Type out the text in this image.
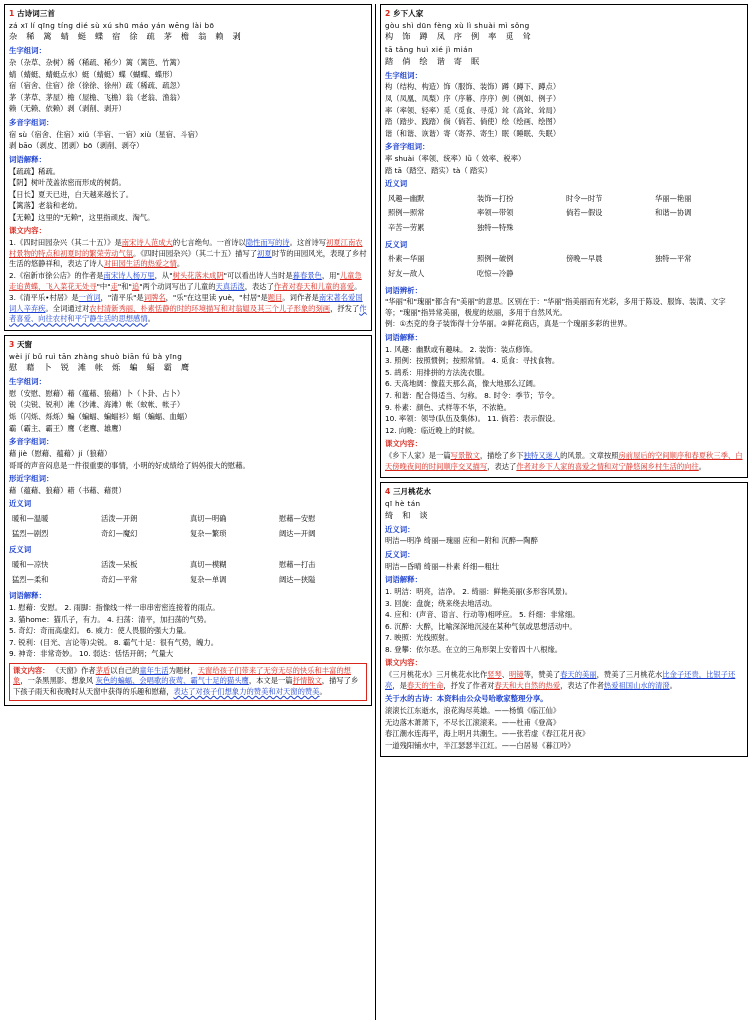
1 古诗词三首
zá xī lí qīng tíng dié sù xú shū máo yán wēng lài bō
杂 稀 篱 蜻 蜓 蝶 宿 徐 疏 茅 檐 翁 赖 剥
生字组词：
杂（杂草、杂树）稀（稀疏、稀少）篱（篱笆、竹篱）
蜻（蜻蜓、蜻蜓点水）蜓（蜻蜓）蝶（蝴蝶、蝶形）
宿（宿舍、住宿）徐（徐徐、徐州）疏（稀疏、疏忽）
茅（茅草、茅屋）檐（屋檐、飞檐）翁（老翁、渔翁）
赖（无赖、依赖）剥（剥削、剥开）
多音字组词：
宿 sù（宿舍、住宿）xiǔ（半宿、一宿）xiù（星宿、斗宿）
剥 bāo（剥皮、团剥）bō（剥削、剥夺）
词语解释：
【疏疏】稀疏。
【阴】树叶茂盖浓密而形成的树荫。
【日长】夏天已进，白天越来越长了。
【篱落】老翁和老幼。
【无赖】这里的"无赖"，这里指顽皮、淘气。
课文内容：
1.《四时田园杂兴（其二十五）》是南宋诗人范成大的七言绝句。一首诗以隐性而写的诗。这首诗写初夏江南农村景物的特点和初夏时的繁荣劳动气氛。《四时田园杂兴》（其二十五）描写了初夏时节的田园风光，表现了乡村生活的悠静祥和，表达了诗人对田园生活的热爱之情。
2.《宿新市徐公店》的作者是南宋诗人杨万里，从"树头花落未成阴"可以看出诗人当时是暮春景色，用"儿童急走追黄蝶，飞入菜花无处寻"中"走"和"追"两个动词写出了儿童的天真活泼，表达了作者对春天和儿童的喜爱。
3.《清平乐•村居》是一首词，"清平乐"是词牌名，"乐"在这里读 yuè，"村居"是题目。词作者是南宋著名爱国词人辛弃疾。全词通过对农村清新秀丽、朴素恬静的时的环境描写和对翁媪及其三个儿子形象的刻画，抒发了作者喜爱、向往农村和平宁静生活的思想感情。
3 天窗
wèi jí bǔ ruì tān zhàng shuò biān fú bà yīng
慰 藉 卜 锐 滩 帐 烁 蝙 蝠 霸 鹰
生字组词：
慰（安慰、慰藉）藉（蕴藉、狼藉）卜（卜卦、占卜）
锐（尖锐、锐利）滩（沙滩、海滩）帐（蚊帐、帐子）
烁（闪烁、烁烁）蝙（蝙蝠、蝙蝠衫）蝠（蝙蝠、血蝠）
霸（霸主、霸王）鹰（老鹰、雄鹰）
多音字组词：
藉 jiè（慰藉、蕴藉）jí（狼藉）
哥哥的声音闷息是一件很重要的事情，小明的好成绩给了妈妈很大的慰藉。
形近字组词：
藉（蕴藉、狼藉）耤（书藉、藉贯）
近义词
暖和—温暖	活泼—开朗	真切—明确	慰藉—安慰
猛烈—剧烈	奇幻—魔幻	复杂—繁琐	阔达—开阔
反义词
暖和—凉快	活泼—呆板	真切—模糊	慰藉—打击
猛烈—柔和	奇幻—平常	复杂—单调	阔达—狭隘
词语解释：
1. 慰藉：安慰。 2. 雨脚：指像线一样一串串密密连接着的雨点。
3. 猫home：猫爪子，有力。 4. 扫荡：清平，加扫荡的气势。
5. 奇幻：奇而高虚幻。 6. 威力：使人畏服的强大力量。
7. 锐利：(目光、言论等)尖锐。 8. 霸气十足：很有气势，魄力。
9. 神奇：非常奇妙。 10. 弱达：恬恬开朗；气量大
课文内容： 《天窗》作者茅盾以自己的童年生活为题材，天窗给孩子们带来了无穷无尽的快乐和丰富的想象，一条黑黑影、想象风 灰色的蝙蝠、会唱歌的夜莺、霸气十足的猫头鹰，本文是一篇抒情散文，描写了乡下孩子雨天和夜晚时从天窗中获得的乐趣和慰藉，表达了对孩子们想象力的赞美和对天窗的赞美。
2 乡下人家
gòu shì dūn fèng xù lì shuài mì sǒng
构 饰 蹲 凤 序 例 率 觅 耸
tā tǎng huì xié jì mián
踏 倘 绘 谐 寄 眠
生字组词：
构（结构、构造）饰（服饰、装饰）蹲（蹲下、蹲点）
凤（凤凰、凤梨）序（序幕、序序）例（例如、例子）
率（率领、轻率）觅（觅食、寻觅）耸（高耸、耸局）
踏（踏步、践踏）倘（倘若、倘使）绘（绘画、绘图）
谐（和谐、诙谐）寄（寄养、寄生）眠（睡眠、失眠）
多音字组词：
率 shuài（率领、统率）lǜ（ 效率、税率）
踏 tā（踏空、踏实）tà（ 踏实）
近义词
风趣—幽默	装饰—打扮	时令—时节	华丽—艳丽
照例—照常	率领—带领	倘若—假设	和谐—协调
辛苦—劳累	独特—特殊		
反义词
朴素—华丽	照例—破例	傍晚—早晨	独特—平常
好友—敌人	吃惊—冷静		
词语辨析：
"华丽"和"瑰丽"都含有"美丽"的意思。区别在于："华丽"指美丽而有光彩，多用于陈设、服饰、装潢、文字等；"瑰丽"指异常美丽，极度的炫丽，多用于自然风光。
例：①杰克的身子装饰得十分华丽。②鲜花商店，真是一个瑰丽多彩的世界。
词语解释：
1. 风趣：幽默或有趣味。 2. 装饰：装点修饰。
3. 照例：按照惯例；按照常情。 4. 觅食：寻找食物。
5. 鸪系：用排拼的方法洗衣服。
6. 天高地阔：像蓝天那么高，像大地那么辽阔。
7. 和谐：配合得适当、匀称。 8. 时令：季节；节令。
9. 朴素：颜色、式样等不华，不浓艳。
10. 率领：领导(队伍及集体)。 11. 倘若：表示假设。
12. 向晚：临近晚上的时候。
课文内容：
《乡下人家》是一篇写景散文，描绘了乡下独特又迷人的风景。文章按照房前屋后的空间顺序和春夏秋三季、白天傍晚夜间的时间顺序交叉描写，表达了作者对乡下人家的喜爱之情和对宁静悠闲乡村生活的向往。
4 三月桃花水
qī hè tán
绮 和 谈
近义词：
明洁—明净 绮丽—瑰丽 应和—附和 沉醉—陶醉
反义词：
明洁—昏晴 绮丽—朴素 纤细—粗壮
词语解释：
1. 明洁：明亮，洁净。 2. 绮丽：鲜艳美丽(多形容风景)。
3. 回旋：盘旋；绕来绕去地活动。
4. 应和：(声音、语言、行动等)相呼应。 5. 纤细：非常细。
6. 沉醉：大醉，比喻深深地沉浸在某种气氛或思想活动中。
7. 映照：光线照射。
8. 登攀：依尔恶。在立的三角形架上安着四十八根缘。
课文内容：
《三月桃花水》三月桃花水比作竖琴、明镜等，赞美了春天的美丽，赞美了三月桃花水比金子还贵，比银子还亮，是春天的生命，抒发了作者对春天和大自然的热爱，表达了作者热爱祖国山水的清澄。
关于水的古诗：本资料由公众号哈歌家整理分享。
滚滚长江东逝水，浪花淘尽英雄。——杨慎《临江仙》
无边落木萧萧下，不尽长江滚滚来。——杜甫《登高》
春江潮水连海平，海上明月共潮生。——张若虚《春江花月夜》
一道残阳铺水中，半江瑟瑟半江红。——白居易《暮江吟》
